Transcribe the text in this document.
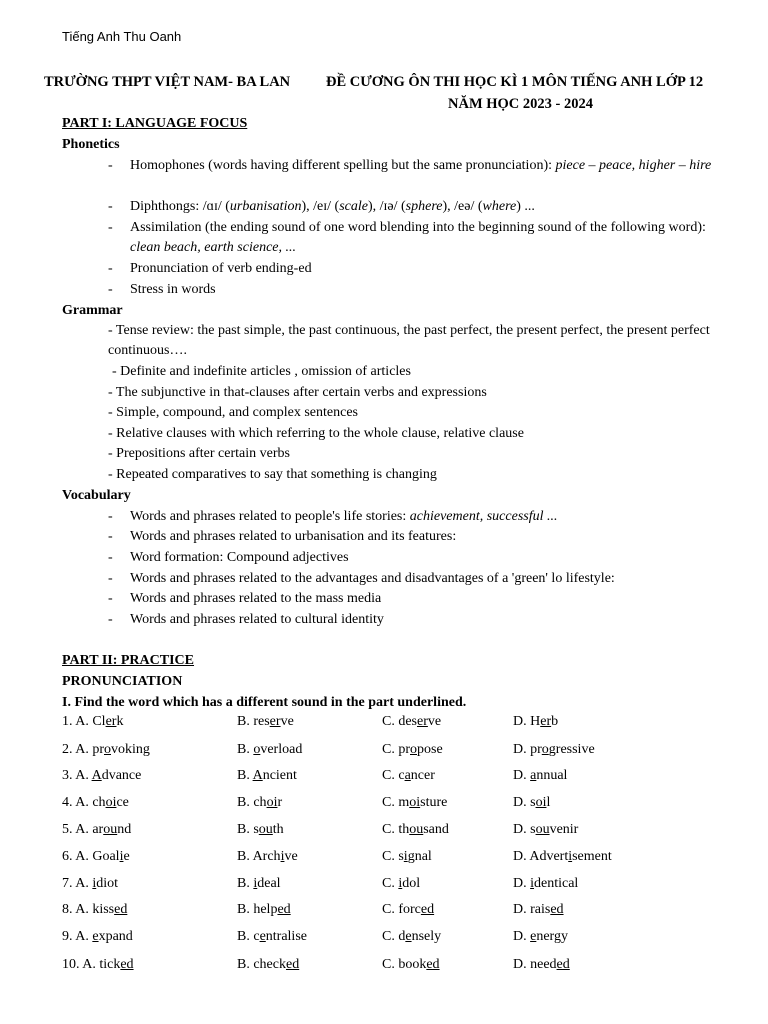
Tiếng Anh Thu Oanh
TRƯỜNG THPT VIỆT NAM- BA LAN ĐỀ CƯƠNG ÔN THI HỌC KÌ 1 MÔN TIẾNG ANH LỚP 12
NĂM HỌC 2023 - 2024
PART I: LANGUAGE FOCUS
Phonetics
-	Homophones (words having different spelling but the same pronunciation): piece – peace, higher – hire
- Diphthongs: /ɑɪ/ (urbanisation), /eɪ/ (scale), /ɪə/ (sphere), /eə/ (where) ...
-	Assimilation (the ending sound of one word blending into the beginning sound of the following word): clean beach, earth science, ...
- Pronunciation of verb ending-ed
- Stress in words
Grammar
- Tense review: the past simple, the past continuous, the past perfect, the present perfect, the present perfect continuous….
- Definite and indefinite articles , omission of articles
- The subjunctive in that-clauses after certain verbs and expressions
- Simple, compound, and complex sentences
- Relative clauses with which referring to the whole clause, relative clause
- Prepositions after certain verbs
- Repeated comparatives to say that something is changing
Vocabulary
- Words and phrases related to people's life stories: achievement, successful ...
- Words and phrases related to urbanisation and its features:
- Word formation: Compound adjectives
- Words and phrases related to the advantages and disadvantages of a 'green' lo lifestyle:
- Words and phrases related to the mass media
- Words and phrases related to cultural identity
PART II: PRACTICE
PRONUNCIATION
I. Find the word which has a different sound in the part underlined.
1. A. Clerk	B. reserve	C. deserve	D. Herb
2. A. provoking	B. overload	C. propose	D. progressive
3. A. Advance	B. Ancient	C. cancer	D. annual
4. A. choice	B. choir	C. moisture	D. soil
5. A. around	B. south	C. thousand	D. souvenir
6. A. Goalie	B. Archive	C. signal	D. Advertisement
7. A. idiot	B. ideal	C. idol	D. identical
8. A. kissed	B. helped	C. forced	D. raised
9. A. expand	B. centralise	C. densely	D. energy
10. A. ticked	B. checked	C. booked	D. needed
